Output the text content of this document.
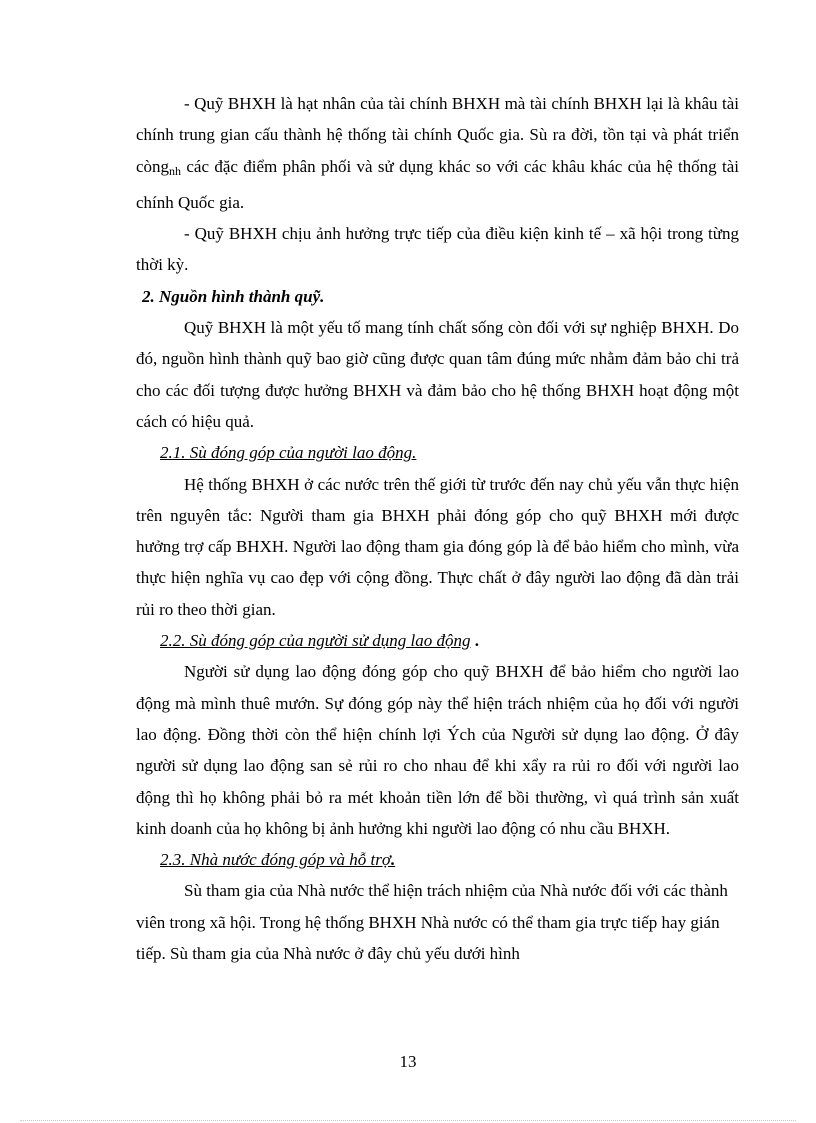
- Quỹ BHXH là hạt nhân của tài chính BHXH mà tài chính BHXH lại là khâu tài chính trung gian cấu thành hệ thống tài chính Quốc gia. Sù ra đời, tồn tại và phát triển còngnh các đặc điểm phân phối và sử dụng khác so với các khâu khác của hệ thống tài chính Quốc gia.

- Quỹ BHXH chịu ảnh hưởng trực tiếp của điều kiện kinh tế – xã hội trong từng thời kỳ.

2. Nguồn hình thành quỹ.

Quỹ BHXH là một yếu tố mang tính chất sống còn đối với sự nghiệp BHXH. Do đó, nguồn hình thành quỹ bao giờ cũng được quan tâm đúng mức nhằm đảm bảo chi trả cho các đối tượng được hưởng BHXH và đảm bảo cho hệ thống BHXH hoạt động một cách có hiệu quả.

2.1. Sù đóng góp của người lao động.

Hệ thống BHXH ở các nước trên thế giới từ trước đến nay chủ yếu vẫn thực hiện trên nguyên tắc: Người tham gia BHXH phải đóng góp cho quỹ BHXH mới được hưởng trợ cấp BHXH. Người lao động tham gia đóng góp là để bảo hiểm cho mình, vừa thực hiện nghĩa vụ cao đẹp với cộng đồng. Thực chất ở đây người lao động đã dàn trải rủi ro theo thời gian.

2.2. Sù đóng góp của người sử dụng lao động .

Người sử dụng lao động đóng góp cho quỹ BHXH để bảo hiểm cho người lao động mà mình thuê mướn. Sự đóng góp này thể hiện trách nhiệm của họ đối với người lao động. Đồng thời còn thể hiện chính lợi Ých của Người sử dụng lao động. Ở đây người sử dụng lao động san sẻ rủi ro cho nhau để khi xẩy ra rủi ro đối với người lao động thì họ không phải bỏ ra mét khoản tiền lớn để bồi thường, vì quá trình sản xuất kinh doanh của họ không bị ảnh hưởng khi người lao động có nhu cầu BHXH.

2.3. Nhà nước đóng góp và hỗ trợ.

Sù tham gia của Nhà nước thể hiện trách nhiệm của Nhà nước đối với các thành viên trong xã hội. Trong hệ thống BHXH Nhà nước có thể tham gia trực tiếp hay gián tiếp. Sù tham gia của Nhà nước ở đây chủ yếu dưới hình

13
